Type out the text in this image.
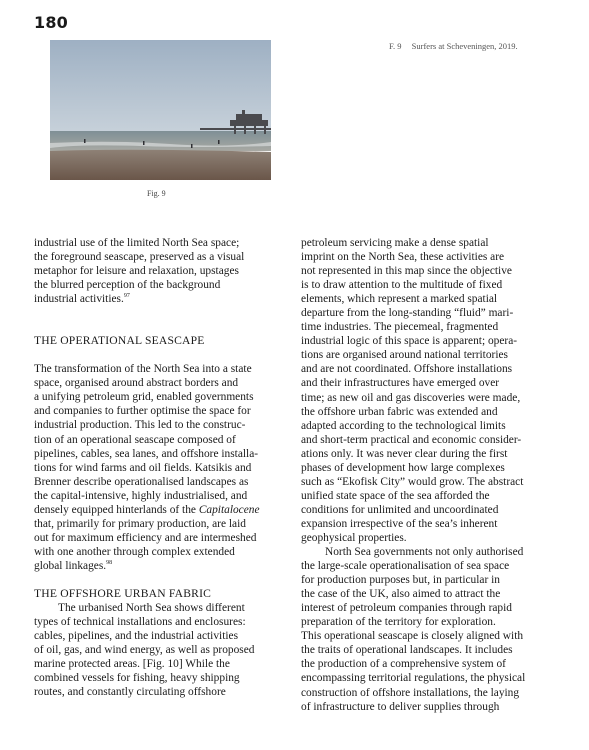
180
F. 9 Surfers at Scheveningen, 2019.
Fig. 9
industrial use of the limited North Sea space;
the foreground seascape, preserved as a visual
metaphor for leisure and relaxation, upstages
the blurred perception of the background
industrial activities.$^{97}$
THE OPERATIONAL SEASCAPE
The transformation of the North Sea into a state
space, organised around abstract borders and
a unifying petroleum grid, enabled governments
and companies to further optimise the space for
industrial production. This led to the construc-
tion of an operational seascape composed of
pipelines, cables, sea lanes, and offshore installa-
tions for wind farms and oil fields. Katsikis and
Brenner describe operationalised landscapes as
the capital-intensive, highly industrialised, and
densely equipped hinterlands of the Capitalocene
that, primarily for primary production, are laid
out for maximum efficiency and are intermeshed
with one another through complex extended
global linkages.$^{98}$
THE OFFSHORE URBAN FABRIC
The urbanised North Sea shows different
types of technical installations and enclosures:
cables, pipelines, and the industrial activities
of oil, gas, and wind energy, as well as proposed
marine protected areas. [Fig. 10] While the
combined vessels for fishing, heavy shipping
routes, and constantly circulating offshore
petroleum servicing make a dense spatial
imprint on the North Sea, these activities are
not represented in this map since the objective
is to draw attention to the multitude of fixed
elements, which represent a marked spatial
departure from the long-standing “fluid” mari-
time industries. The piecemeal, fragmented
industrial logic of this space is apparent; opera-
tions are organised around national territories
and are not coordinated. Offshore installations
and their infrastructures have emerged over
time; as new oil and gas discoveries were made,
the offshore urban fabric was extended and
adapted according to the technological limits
and short-term practical and economic consider-
ations only. It was never clear during the first
phases of development how large complexes
such as “Ekofisk City” would grow. The abstract
unified state space of the sea afforded the
conditions for unlimited and uncoordinated
expansion irrespective of the sea’s inherent
geophysical properties.
North Sea governments not only authorised
the large-scale operationalisation of sea space
for production purposes but, in particular in
the case of the UK, also aimed to attract the
interest of petroleum companies through rapid
preparation of the territory for exploration.
This operational seascape is closely aligned with
the traits of operational landscapes. It includes
the production of a comprehensive system of
encompassing territorial regulations, the physical
construction of offshore installations, the laying
of infrastructure to deliver supplies through
